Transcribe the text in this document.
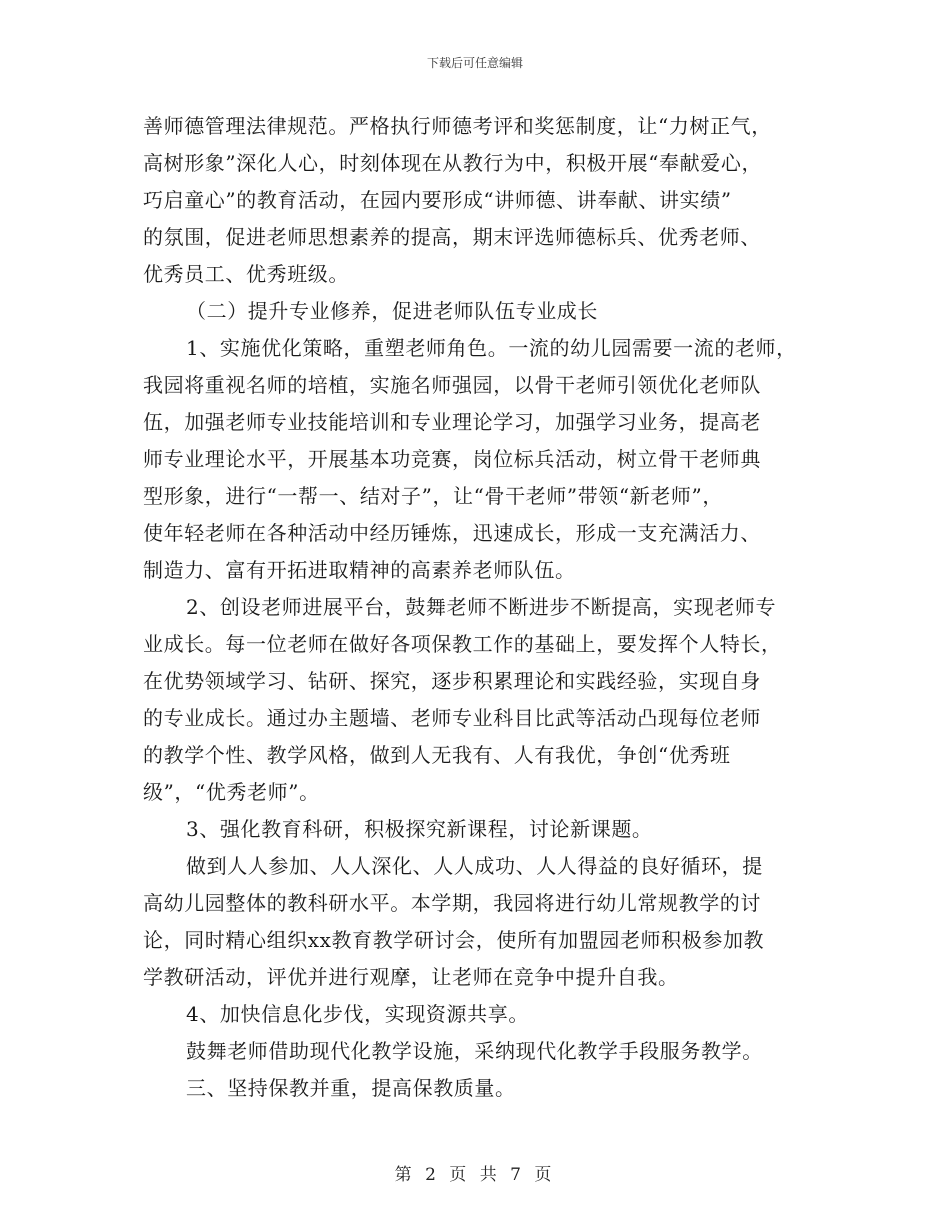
下载后可任意编辑
善师德管理法律规范。严格执行师德考评和奖惩制度，让“力树正气，
高树形象”深化人心，时刻体现在从教行为中，积极开展“奉献爱心，
巧启童心”的教育活动，在园内要形成“讲师德、讲奉献、讲实绩”
的氛围，促进老师思想素养的提高，期末评选师德标兵、优秀老师、
优秀员工、优秀班级。
（二）提升专业修养，促进老师队伍专业成长
1、实施优化策略，重塑老师角色。一流的幼儿园需要一流的老师，
我园将重视名师的培植，实施名师强园，以骨干老师引领优化老师队
伍，加强老师专业技能培训和专业理论学习，加强学习业务，提高老
师专业理论水平，开展基本功竞赛，岗位标兵活动，树立骨干老师典
型形象，进行“一帮一、结对子”，让“骨干老师”带领“新老师”，
使年轻老师在各种活动中经历锤炼，迅速成长，形成一支充满活力、
制造力、富有开拓进取精神的高素养老师队伍。
2、创设老师进展平台，鼓舞老师不断进步不断提高，实现老师专
业成长。每一位老师在做好各项保教工作的基础上，要发挥个人特长，
在优势领域学习、钻研、探究，逐步积累理论和实践经验，实现自身
的专业成长。通过办主题墙、老师专业科目比武等活动凸现每位老师
的教学个性、教学风格，做到人无我有、人有我优，争创“优秀班
级”，“优秀老师”。
3、强化教育科研，积极探究新课程，讨论新课题。
做到人人参加、人人深化、人人成功、人人得益的良好循环，提
高幼儿园整体的教科研水平。本学期，我园将进行幼儿常规教学的讨
论，同时精心组织xx教育教学研讨会，使所有加盟园老师积极参加教
学教研活动，评优并进行观摩，让老师在竞争中提升自我。
4、加快信息化步伐，实现资源共享。
鼓舞老师借助现代化教学设施，采纳现代化教学手段服务教学。
三、坚持保教并重，提高保教质量。
第 2 页 共 7 页
